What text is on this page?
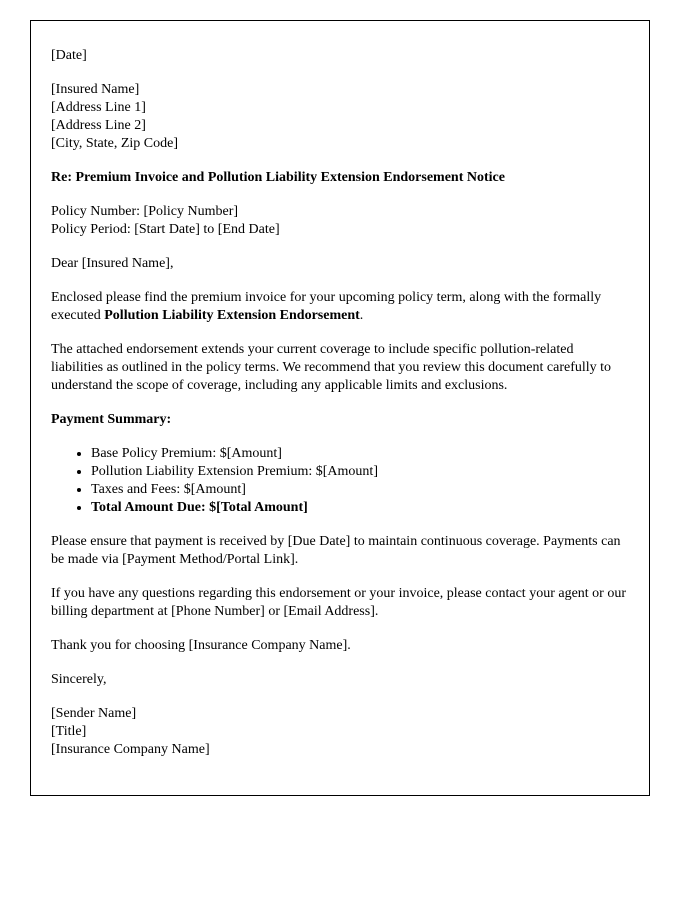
[Date]

[Insured Name]
[Address Line 1]
[Address Line 2]
[City, State, Zip Code]

Re: Premium Invoice and Pollution Liability Extension Endorsement Notice

Policy Number: [Policy Number]
Policy Period: [Start Date] to [End Date]

Dear [Insured Name],

Enclosed please find the premium invoice for your upcoming policy term, along with the formally executed Pollution Liability Extension Endorsement.

The attached endorsement extends your current coverage to include specific pollution-related liabilities as outlined in the policy terms. We recommend that you review this document carefully to understand the scope of coverage, including any applicable limits and exclusions.

Payment Summary:

• Base Policy Premium: $[Amount]
• Pollution Liability Extension Premium: $[Amount]
• Taxes and Fees: $[Amount]
• Total Amount Due: $[Total Amount]

Please ensure that payment is received by [Due Date] to maintain continuous coverage. Payments can be made via [Payment Method/Portal Link].

If you have any questions regarding this endorsement or your invoice, please contact your agent or our billing department at [Phone Number] or [Email Address].

Thank you for choosing [Insurance Company Name].

Sincerely,

[Sender Name]
[Title]
[Insurance Company Name]
